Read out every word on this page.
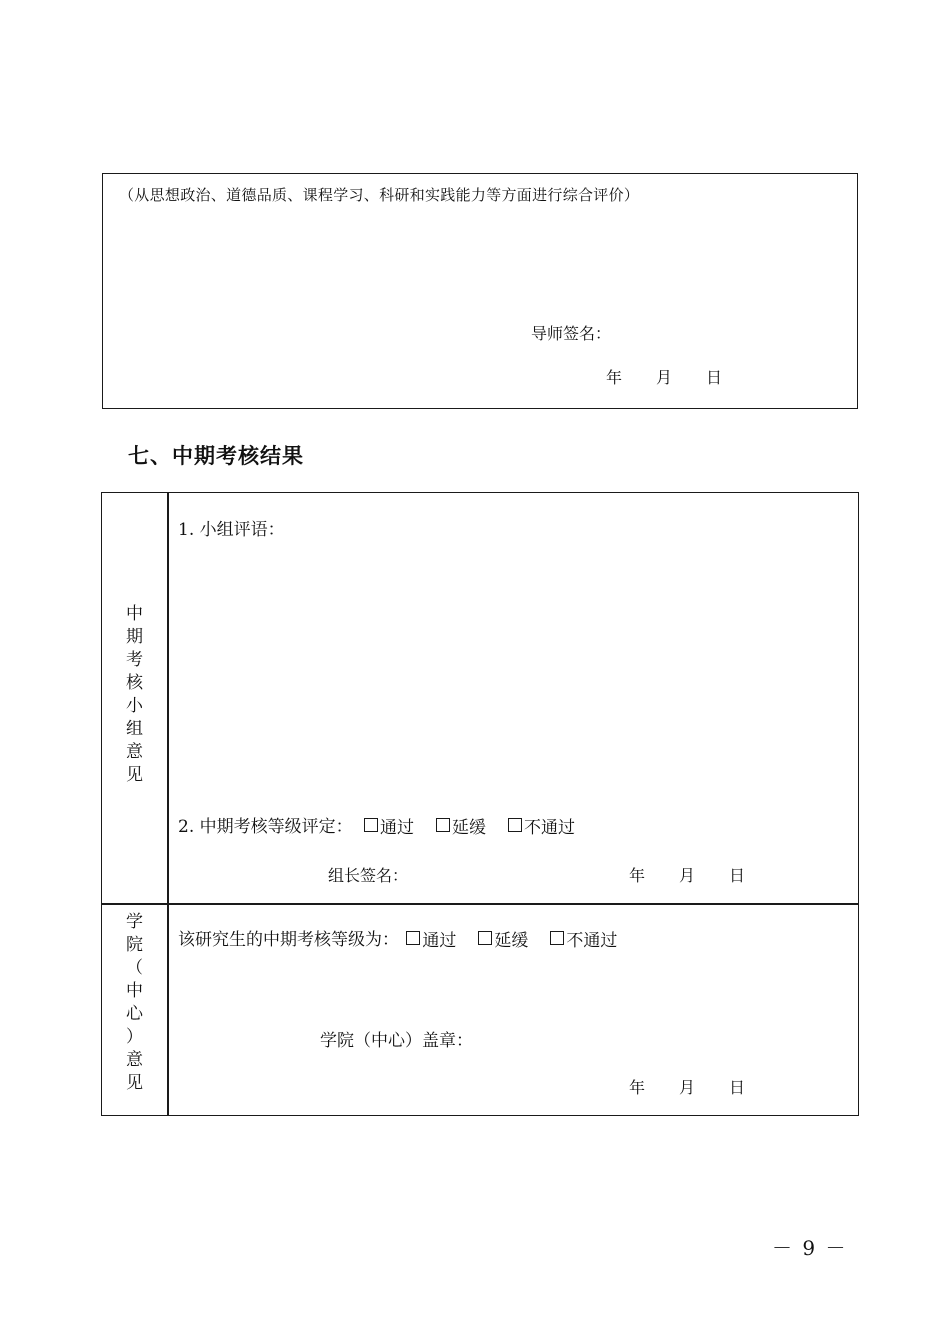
（从思想政治、道德品质、课程学习、科研和实践能力等方面进行综合评价）
导师签名：
年 月 日
七、中期考核结果
中
期
考
核
小
组
意
见
1. 小组评语：
2. 中期考核等级评定： 通过 延缓 不通过
组长签名：	年 月 日
学
院
（
中
心
）
意
见
该研究生的中期考核等级为： 通过 延缓 不通过
学院（中心）盖章：
年 月 日
－ 9 －
